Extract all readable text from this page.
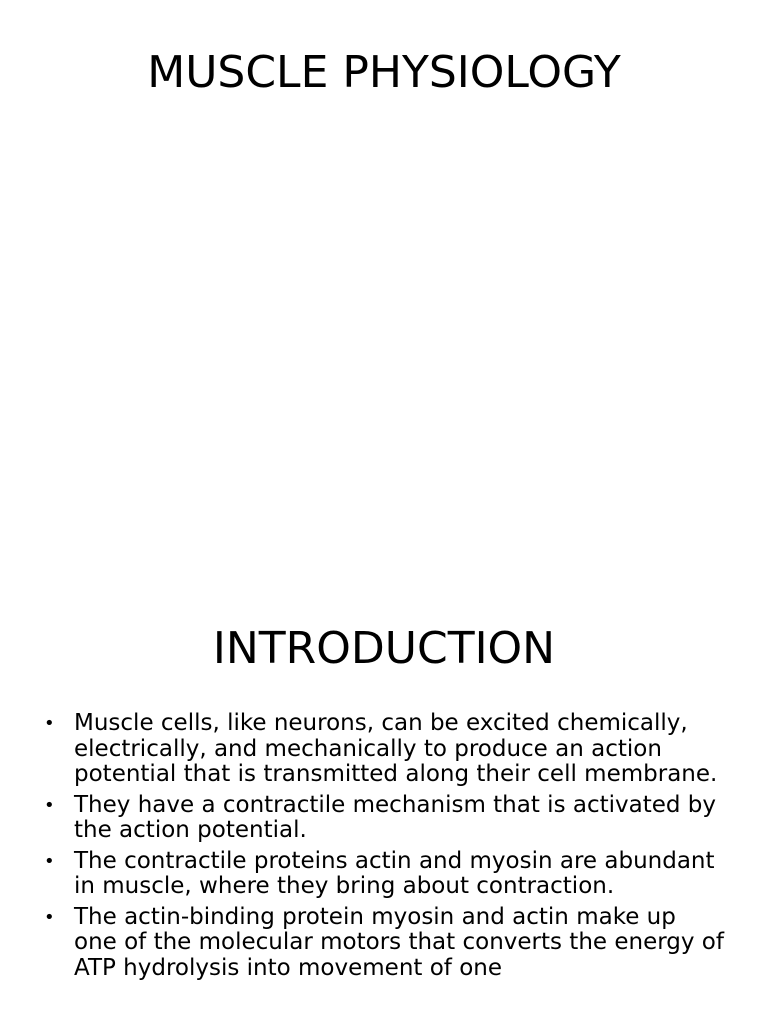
MUSCLE PHYSIOLOGY
INTRODUCTION
• Muscle cells, like neurons, can be excited chemically, electrically, and mechanically to produce an action potential that is transmitted along their cell membrane.
• They have a contractile mechanism that is activated by the action potential.
• The contractile proteins actin and myosin are abundant in muscle, where they bring about contraction.
• The actin-binding protein myosin and actin make up one of the molecular motors that converts the energy of ATP hydrolysis into movement of one
